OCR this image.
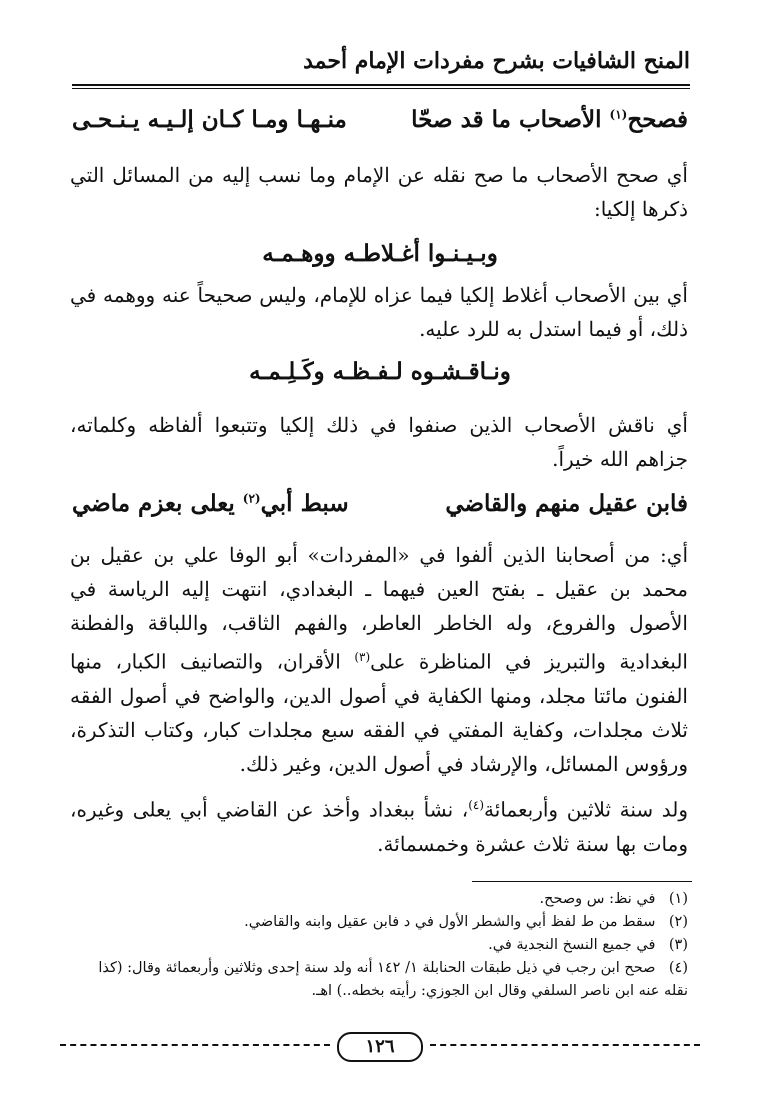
المنح الشافيات بشرح مفردات الإمام أحمد
فصحح$^{(١)}$ الأصحاب ما قد صحّا
منـهـا ومـا كـان إلـيـه يـنـحـى
أي صحح الأصحاب ما صح نقله عن الإمام وما نسب إليه من المسائل التي ذكرها إلكيا:
وبـيـنـوا أغـلاطـه ووهـمـه
أي بين الأصحاب أغلاط إلكيا فيما عزاه للإمام، وليس صحيحاً عنه ووهمه في ذلك، أو فيما استدل به للرد عليه.
ونـاقـشـوه لـفـظـه وكَـلِـمـه
أي ناقش الأصحاب الذين صنفوا في ذلك إلكيا وتتبعوا ألفاظه وكلماته، جزاهم الله خيراً.
فابن عقيل منهم والقاضي
سبط أبي$^{(٢)}$ يعلى بعزم ماضي
أي: من أصحابنا الذين ألفوا في «المفردات» أبو الوفا علي بن عقيل بن محمد بن عقيل ـ بفتح العين فيهما ـ البغدادي، انتهت إليه الرياسة في الأصول والفروع، وله الخاطر العاطر، والفهم الثاقب، واللباقة والفطنة البغدادية والتبريز في المناظرة على$^{(٣)}$ الأقران، والتصانيف الكبار، منها الفنون مائتا مجلد، ومنها الكفاية في أصول الدين، والواضح في أصول الفقه ثلاث مجلدات، وكفاية المفتي في الفقه سبع مجلدات كبار، وكتاب التذكرة، ورؤوس المسائل، والإرشاد في أصول الدين، وغير ذلك.
ولد سنة ثلاثين وأربعمائة$^{(٤)}$، نشأ ببغداد وأخذ عن القاضي أبي يعلى وغيره، ومات بها سنة ثلاث عشرة وخمسمائة.
(١) في نظ: س وصحح.
(٢) سقط من ط لفظ أبي والشطر الأول في د فابن عقيل وابنه والقاضي.
(٣) في جميع النسخ النجدية في.
(٤) صحح ابن رجب في ذيل طبقات الحنابلة ١/ ١٤٢ أنه ولد سنة إحدى وثلاثين وأربعمائة وقال: (كذا نقله عنه ابن ناصر السلفي وقال ابن الجوزي: رأيته بخطه..) اهـ.
١٢٦
